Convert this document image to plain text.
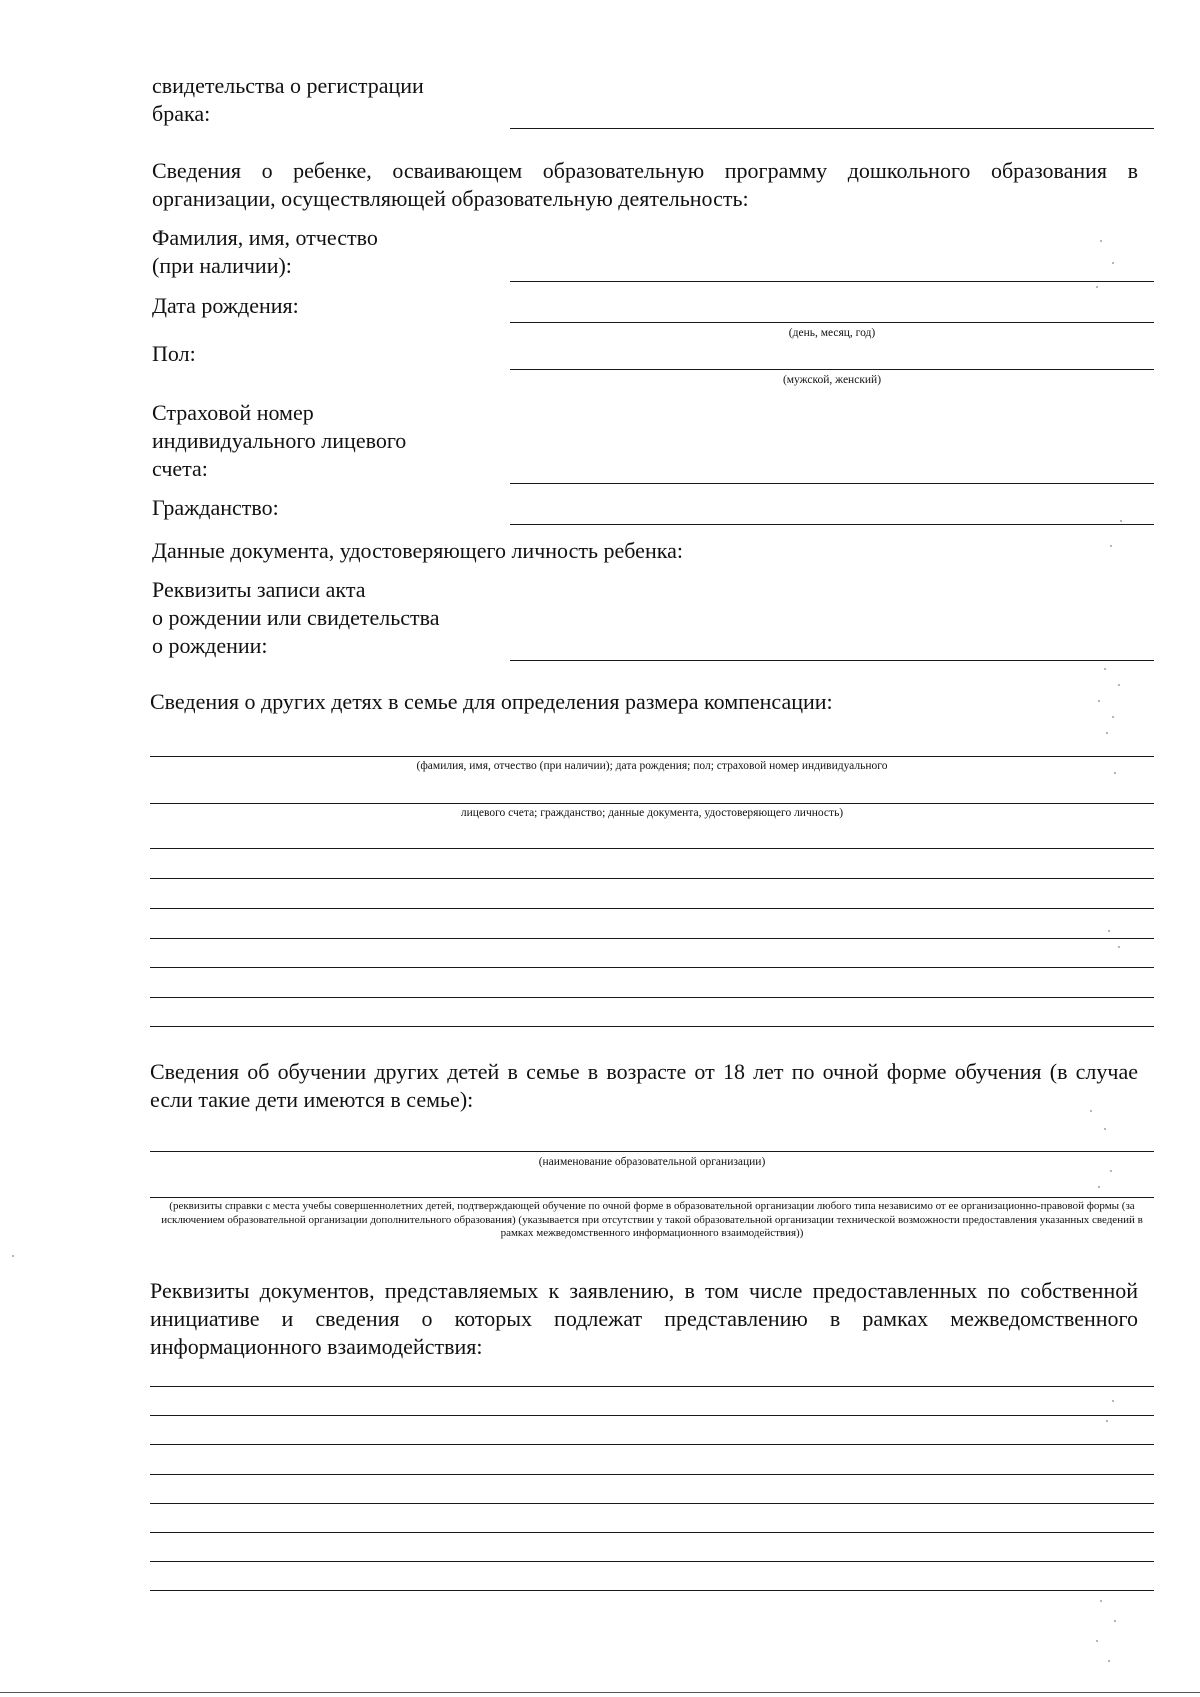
свидетельства о регистрации
брака:
Сведения о ребенке, осваивающем образовательную программу дошкольного образования в организации, осуществляющей образовательную деятельность:
Фамилия, имя, отчество
(при наличии):
Дата рождения:
(день, месяц, год)
Пол:
(мужской, женский)
Страховой номер
индивидуального лицевого
счета:
Гражданство:
Данные документа, удостоверяющего личность ребенка:
Реквизиты записи акта
о рождении или свидетельства
о рождении:
Сведения о других детях в семье для определения размера компенсации:
(фамилия, имя, отчество (при наличии); дата рождения; пол; страховой номер индивидуального
лицевого счета; гражданство; данные документа, удостоверяющего личность)
Сведения об обучении других детей в семье в возрасте от 18 лет по очной форме обучения (в случае если такие дети имеются в семье):
(наименование образовательной организации)
(реквизиты справки с места учебы совершеннолетних детей, подтверждающей обучение по очной форме в образовательной организации любого типа независимо от ее организационно-правовой формы (за исключением образовательной организации дополнительного образования) (указывается при отсутствии у такой образовательной организации технической возможности предоставления указанных сведений в рамках межведомственного информационного взаимодействия))
Реквизиты документов, представляемых к заявлению, в том числе предоставленных по собственной инициативе и сведения о которых подлежат представлению в рамках межведомственного информационного взаимодействия:
